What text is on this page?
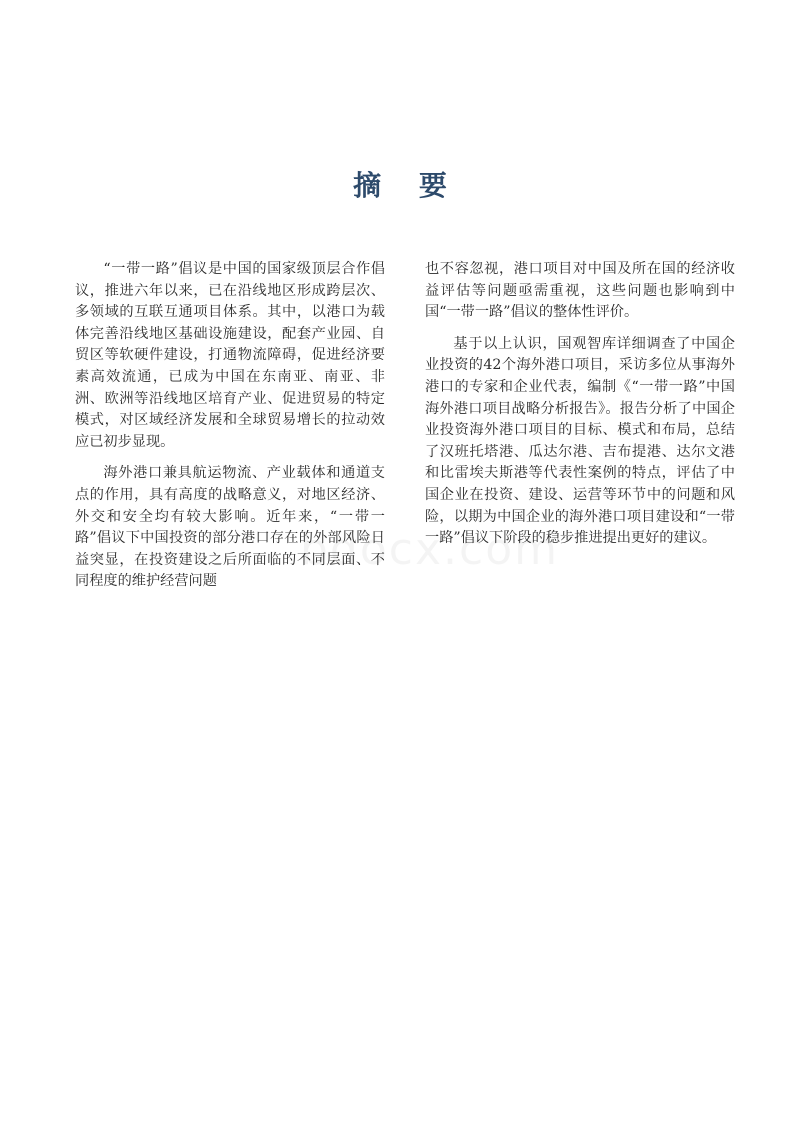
摘 要

“一带一路”倡议是中国的国家级顶层合作倡议，推进六年以来，已在沿线地区形成跨层次、多领域的互联互通项目体系。其中，以港口为载体完善沿线地区基础设施建设，配套产业园、自贸区等软硬件建设，打通物流障碍，促进经济要素高效流通，已成为中国在东南亚、南亚、非洲、欧洲等沿线地区培育产业、促进贸易的特定模式，对区域经济发展和全球贸易增长的拉动效应已初步显现。

海外港口兼具航运物流、产业载体和通道支点的作用，具有高度的战略意义，对地区经济、外交和安全均有较大影响。近年来，“一带一路”倡议下中国投资的部分港口存在的外部风险日益突显，在投资建设之后所面临的不同层面、不同程度的维护经营问题

也不容忽视，港口项目对中国及所在国的经济收益评估等问题亟需重视，这些问题也影响到中国“一带一路”倡议的整体性评价。

基于以上认识，国观智库详细调查了中国企业投资的42个海外港口项目，采访多位从事海外港口的专家和企业代表，编制《“一带一路”中国海外港口项目战略分析报告》。报告分析了中国企业投资海外港口项目的目标、模式和布局，总结了汉班托塔港、瓜达尔港、吉布提港、达尔文港和比雷埃夫斯港等代表性案例的特点，评估了中国企业在投资、建设、运营等环节中的问题和风险，以期为中国企业的海外港口项目建设和“一带一路”倡议下阶段的稳步推进提出更好的建议。
